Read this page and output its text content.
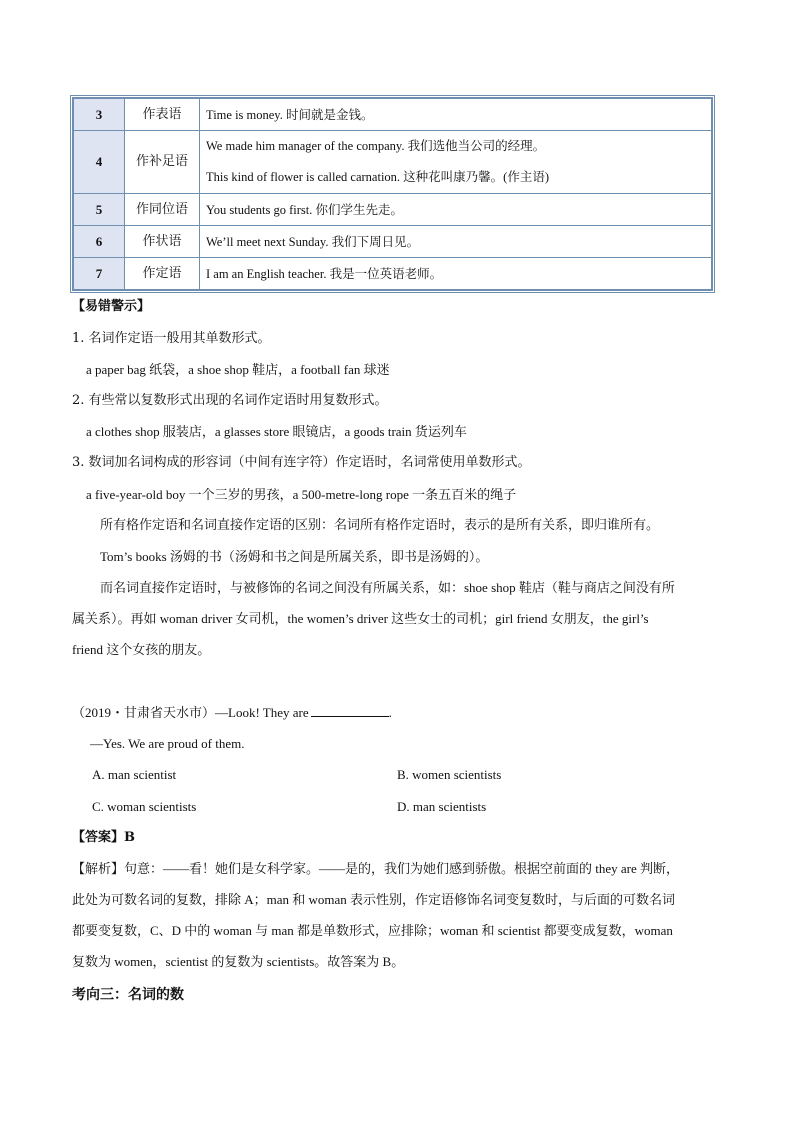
3	作表语	Time is money. 时间就是金钱。
4	作补足语	We made him manager of the company. 我们选他当公司的经理。
This kind of flower is called carnation. 这种花叫康乃馨。(作主语)

5	作同位语	You students go first. 你们学生先走。
6	作状语	We’ll meet next Sunday. 我们下周日见。
7	作定语	I am an English teacher. 我是一位英语老师。
【易错警示】
1. 名词作定语一般用其单数形式。
a paper bag 纸袋，a shoe shop 鞋店，a football fan 球迷
2. 有些常以复数形式出现的名词作定语时用复数形式。
a clothes shop 服装店，a glasses store 眼镜店，a goods train 货运列车
3. 数词加名词构成的形容词（中间有连字符）作定语时，名词常使用单数形式。
a five-year-old boy 一个三岁的男孩，a 500-metre-long rope 一条五百米的绳子
所有格作定语和名词直接作定语的区别：名词所有格作定语时，表示的是所有关系，即归谁所有。
Tom’s books 汤姆的书（汤姆和书之间是所属关系，即书是汤姆的）。
而名词直接作定语时，与被修饰的名词之间没有所属关系，如：shoe shop 鞋店（鞋与商店之间没有所
属关系）。再如 woman driver 女司机，the women’s driver 这些女士的司机；girl friend 女朋友，the girl’s
friend 这个女孩的朋友。
（2019・甘肃省天水市）—Look! They are	.
—Yes. We are proud of them.
A. man scientist	B. women scientists
C. woman scientists	D. man scientists
【答案】B
【解析】句意：——看！她们是女科学家。——是的，我们为她们感到骄傲。根据空前面的 they are 判断，
此处为可数名词的复数，排除 A；man 和 woman 表示性别，作定语修饰名词变复数时，与后面的可数名词
都要变复数，C、D 中的 woman 与 man 都是单数形式，应排除；woman 和 scientist 都要变成复数，woman
复数为 women，scientist 的复数为 scientists。故答案为 B。
考向三：名词的数
